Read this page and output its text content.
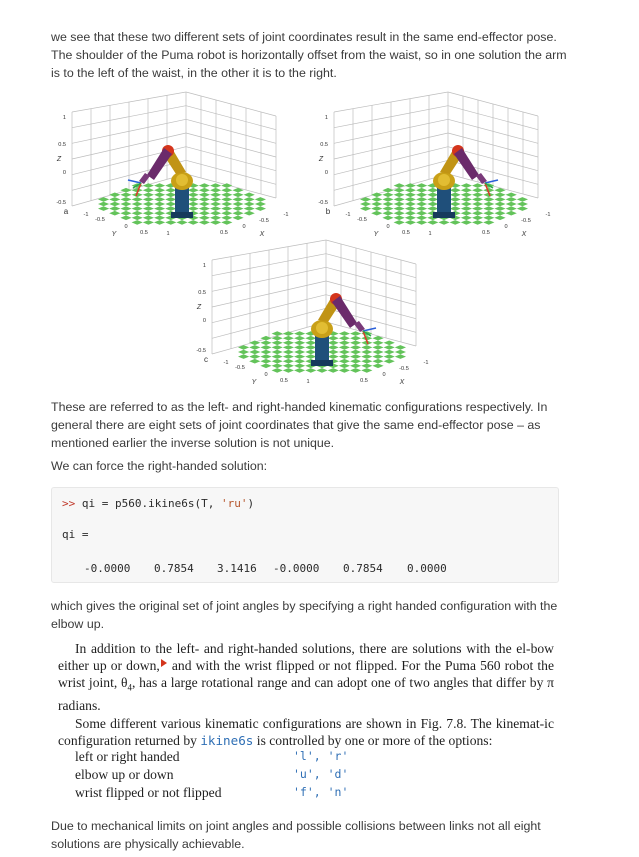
we see that these two different sets of joint coordinates result in the same end-effector pose. The shoulder of the Puma robot is horizontally offset from the waist, so in one solution the arm is to the left of the waist, in the other it is to the right.

1
0.5
0
-0.5
Z
-1
-0.5
0
0.5	1
Y	0.5
0
-0.5
-1
X
a
1
0.5
0
-0.5
Z
-1
-0.5
0
0.5	1
Y	0.5
0
-0.5
-1
X
b
1
0.5
0
-0.5
Z
-1
-0.5
0
0.5	1
Y	0.5
0
-0.5
-1
X
c

These are referred to as the left- and right-handed kinematic configurations respectively. In general there are eight sets of joint coordinates that give the same end-effector pose – as mentioned earlier the inverse solution is not unique.

We can force the right-handed solution:

>> qi = p560.ikine6s(T, 'ru')
qi =
-0.0000 0.7854 3.1416 -0.0000 0.7854 0.0000

which gives the original set of joint angles by specifying a right handed configuration with the elbow up.

In addition to the left- and right-handed solutions, there are solutions with the el-bow either up or down, and with the wrist flipped or not flipped. For the Puma 560 robot the wrist joint, $\theta_4$, has a large rotational range and can adopt one of two angles that differ by π radians.
Some different various kinematic configurations are shown in Fig. 7.8. The kinemat-ic configuration returned by ikine6s is controlled by one or more of the options:
left or right handed	'l', 'r'
elbow up or down	'u', 'd'
wrist flipped or not flipped	'f', 'n'

Due to mechanical limits on joint angles and possible collisions between links not all eight solutions are physically achievable.
